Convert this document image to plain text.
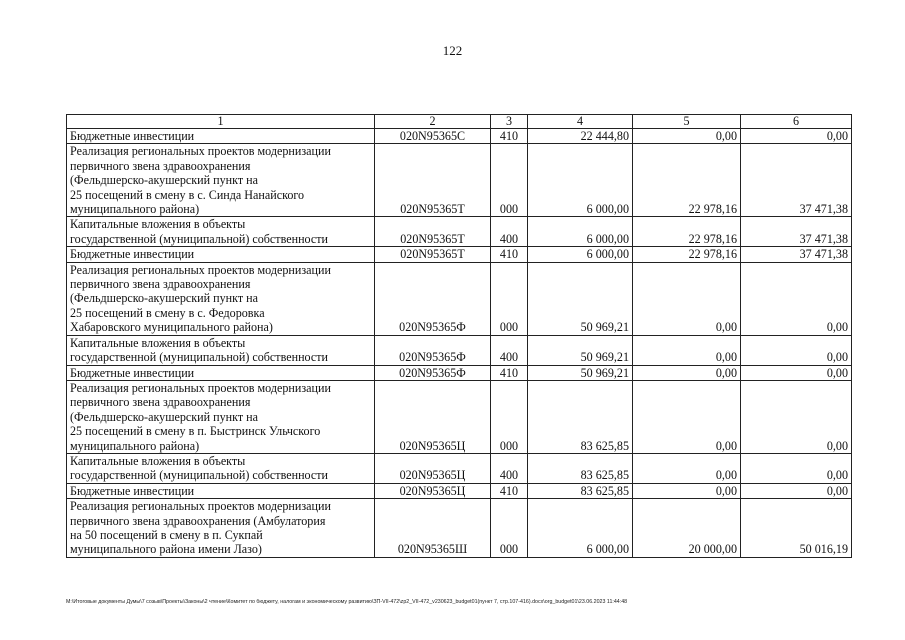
122
1	2	3	4	5	6
Бюджетные инвестиции	020N95365С	410	22 444,80	0,00	0,00
Реализация региональных проектов модернизации
первичного звена здравоохранения
(Фельдшерско-акушерский пункт на
25 посещений в смену в с. Синда Нанайского
муниципального района)	020N95365Т	000	6 000,00	22 978,16	37 471,38
Капитальные вложения в объекты
государственной (муниципальной) собственности	020N95365Т	400	6 000,00	22 978,16	37 471,38
Бюджетные инвестиции	020N95365Т	410	6 000,00	22 978,16	37 471,38
Реализация региональных проектов модернизации
первичного звена здравоохранения
(Фельдшерско-акушерский пункт на
25 посещений в смену в с. Федоровка
Хабаровского муниципального района)	020N95365Ф	000	50 969,21	0,00	0,00
Капитальные вложения в объекты
государственной (муниципальной) собственности	020N95365Ф	400	50 969,21	0,00	0,00
Бюджетные инвестиции	020N95365Ф	410	50 969,21	0,00	0,00
Реализация региональных проектов модернизации
первичного звена здравоохранения
(Фельдшерско-акушерский пункт на
25 посещений в смену в п. Быстринск Ульчского
муниципального района)	020N95365Ц	000	83 625,85	0,00	0,00
Капитальные вложения в объекты
государственной (муниципальной) собственности	020N95365Ц	400	83 625,85	0,00	0,00
Бюджетные инвестиции	020N95365Ц	410	83 625,85	0,00	0,00
Реализация региональных проектов модернизации
первичного звена здравоохранения (Амбулатория
на 50 посещений в смену в п. Сукпай
муниципального района имени Лазо)	020N95365Ш	000	6 000,00	20 000,00	50 016,19
M:\Итоговые документы Думы\7 созыв\Проекты\Законы\2 чтение\Комитет по бюджету, налогам и экономическому развитию\ЗП-VII-472\zp2_VII-472_v230623_budget01(пункт 7, стр.107-416).docx\org_budget01\23.06.2023 11:44:48
